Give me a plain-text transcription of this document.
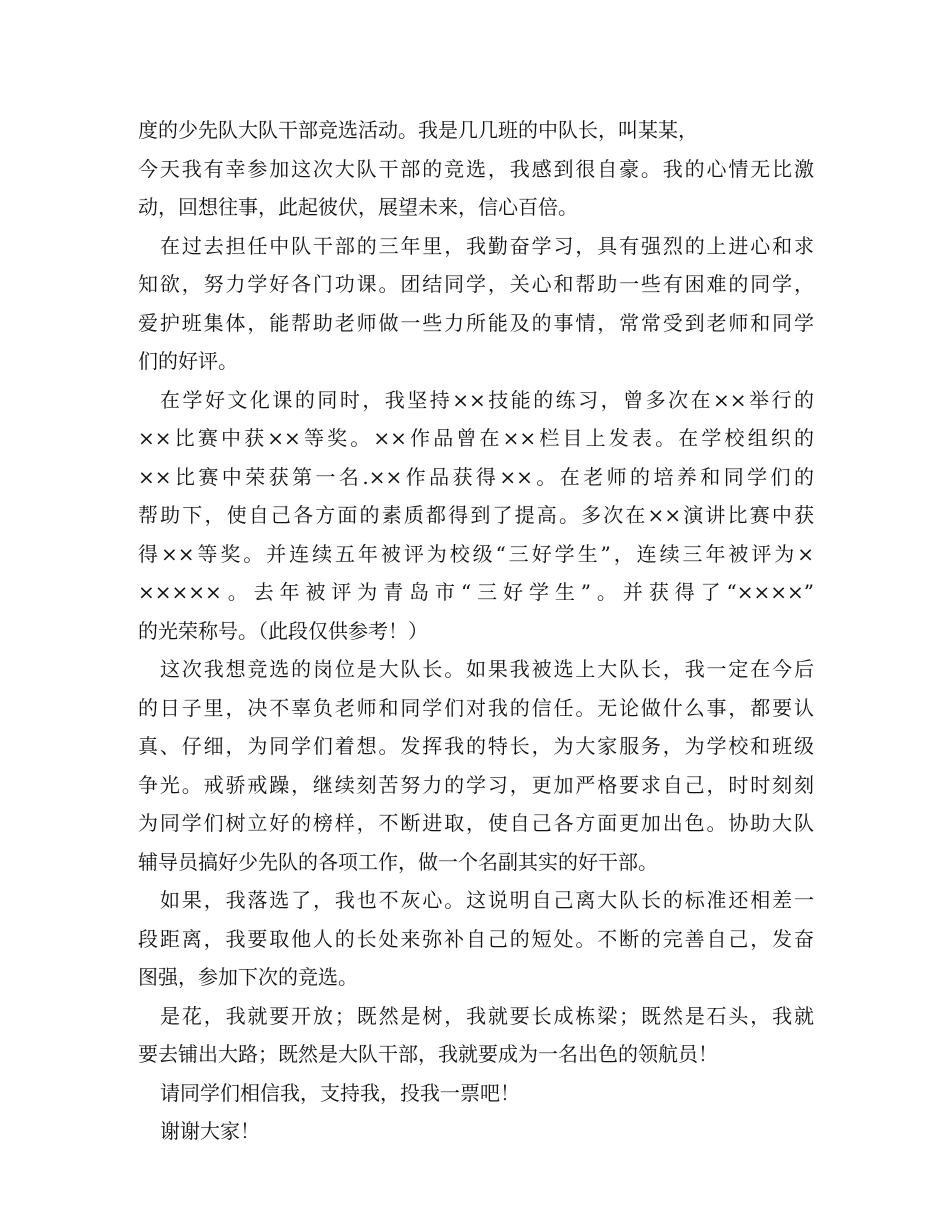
度的少先队大队干部竞选活动。我是几几班的中队长，叫某某，
今天我有幸参加这次大队干部的竞选，我感到很自豪。我的心情无比激
动，回想往事，此起彼伏，展望未来，信心百倍。
在过去担任中队干部的三年里，我勤奋学习，具有强烈的上进心和求
知欲，努力学好各门功课。团结同学，关心和帮助一些有困难的同学，
爱护班集体，能帮助老师做一些力所能及的事情，常常受到老师和同学
们的好评。
在学好文化课的同时，我坚持××技能的练习，曾多次在××举行的
××比赛中获××等奖。××作品曾在××栏目上发表。在学校组织的
××比赛中荣获第一名.××作品获得××。在老师的培养和同学们的
帮助下，使自己各方面的素质都得到了提高。多次在××演讲比赛中获
得××等奖。并连续五年被评为校级“三好学生”，连续三年被评为×
×××××。去年被评为青岛市“三好学生”。并获得了“××××”
的光荣称号。（此段仅供参考！）
这次我想竞选的岗位是大队长。如果我被选上大队长，我一定在今后
的日子里，决不辜负老师和同学们对我的信任。无论做什么事，都要认
真、仔细，为同学们着想。发挥我的特长，为大家服务，为学校和班级
争光。戒骄戒躁，继续刻苦努力的学习，更加严格要求自己，时时刻刻
为同学们树立好的榜样，不断进取，使自己各方面更加出色。协助大队
辅导员搞好少先队的各项工作，做一个名副其实的好干部。
如果，我落选了，我也不灰心。这说明自己离大队长的标准还相差一
段距离，我要取他人的长处来弥补自己的短处。不断的完善自己，发奋
图强，参加下次的竞选。
是花，我就要开放；既然是树，我就要长成栋梁；既然是石头，我就
要去铺出大路；既然是大队干部，我就要成为一名出色的领航员！
请同学们相信我，支持我，投我一票吧！
谢谢大家！
